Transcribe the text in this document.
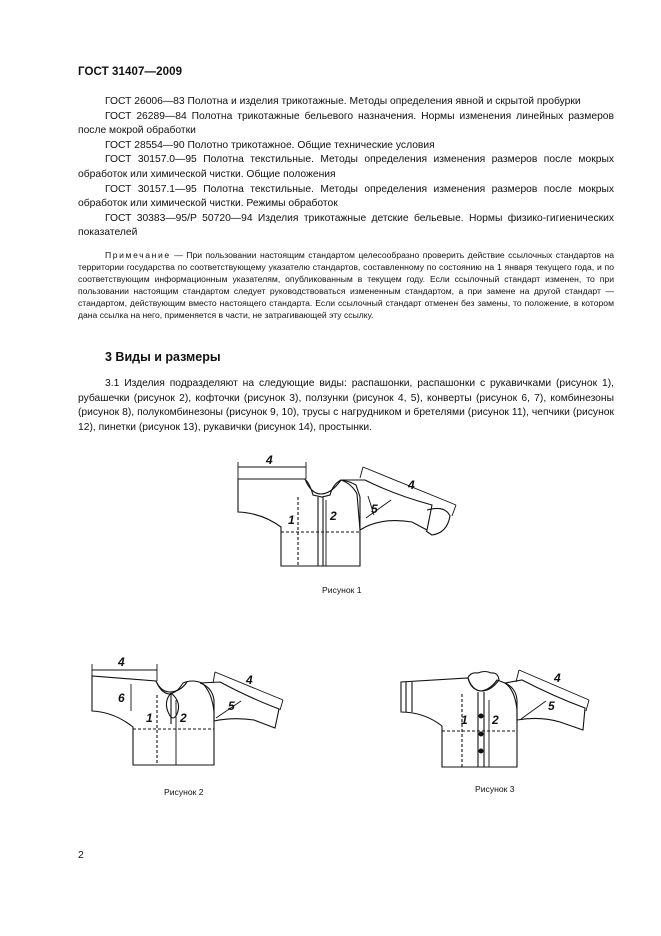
ГОСТ 31407—2009

ГОСТ 26006—83 Полотна и изделия трикотажные. Методы определения явной и скрытой пробурки

ГОСТ 26289—84 Полотна трикотажные бельевого назначения. Нормы изменения линейных размеров после мокрой обработки

ГОСТ 28554—90 Полотно трикотажное. Общие технические условия

ГОСТ 30157.0—95 Полотна текстильные. Методы определения изменения размеров после мокрых обработок или химической чистки. Общие положения

ГОСТ 30157.1—95 Полотна текстильные. Методы определения изменения размеров после мокрых обработок или химической чистки. Режимы обработок

ГОСТ 30383—95/Р 50720—94 Изделия трикотажные детские бельевые. Нормы физико-гигиенических показателей

Примечание — При пользовании настоящим стандартом целесообразно проверить действие ссылочных стандартов на территории государства по соответствующему указателю стандартов, составленному по состоянию на 1 января текущего года, и по соответствующим информационным указателям, опубликованным в текущем году. Если ссылочный стандарт изменен, то при пользовании настоящим стандартом следует руководствоваться измененным стандартом, а при замене на другой стандарт — стандартом, действующим вместо настоящего стандарта. Если ссылочный стандарт отменен без замены, то положение, в котором дана ссылка на него, применяется в части, не затрагивающей эту ссылку.

3 Виды и размеры

3.1 Изделия подразделяют на следующие виды: распашонки, распашонки с рукавичками (рисунок 1), рубашечки (рисунок 2), кофточки (рисунок 3), ползунки (рисунок 4, 5), конверты (рисунок 6, 7), комбинезоны (рисунок 8), полукомбинезоны (рисунок 9, 10), трусы с нагрудником и бретелями (рисунок 11), чепчики (рисунок 12), пинетки (рисунок 13), рукавички (рисунок 14), простынки.

4
4
1	2	5
4
4
6
1 2
5
4
1 2
5
Рисунок 1
Рисунок 2	Рисунок 3
2
